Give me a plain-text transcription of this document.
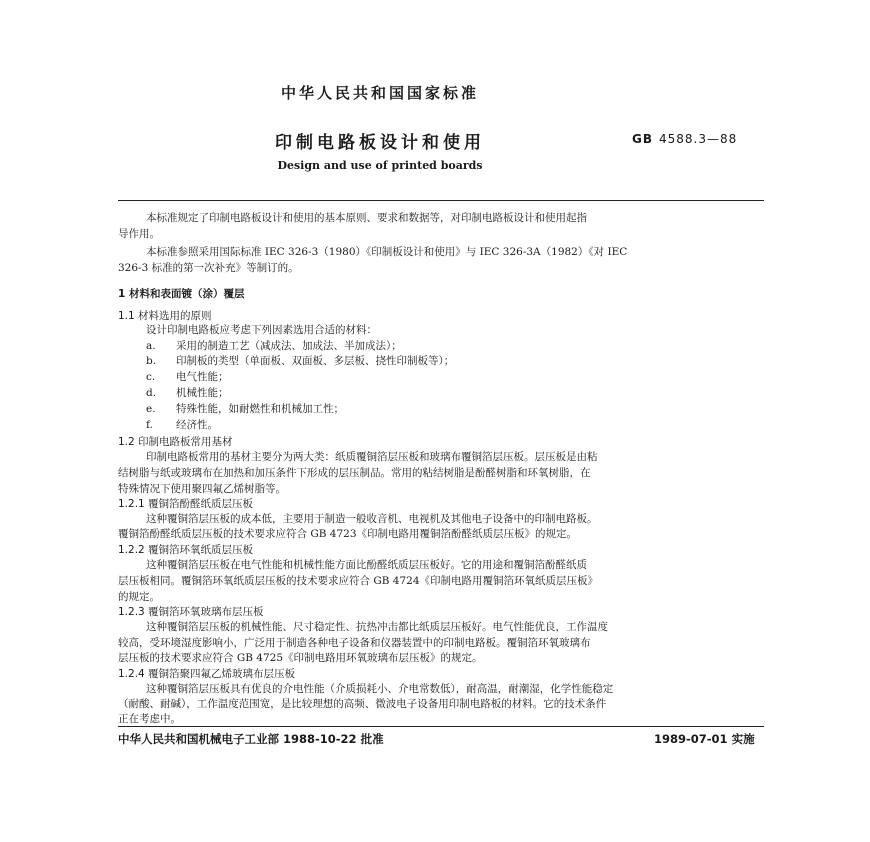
中华人民共和国国家标准
印制电路板设计和使用	GB 4588.3—88
Design and use of printed boards
本标准规定了印制电路板设计和使用的基本原则、要求和数据等，对印制电路板设计和使用起指
导作用。
本标准参照采用国际标准 IEC 326-3（1980）《印制板设计和使用》与 IEC 326-3A（1982）《对 IEC
326-3 标准的第一次补充》等制订的。
1 材料和表面镀（涂）覆层
1.1 材料选用的原则
设计印制电路板应考虑下列因素选用合适的材料：
a. 采用的制造工艺（减成法、加成法、半加成法）；
b. 印制板的类型（单面板、双面板、多层板、挠性印制板等）；
c. 电气性能；
d. 机械性能；
e. 特殊性能，如耐燃性和机械加工性；
f. 经济性。
1.2 印制电路板常用基材
印制电路板常用的基材主要分为两大类：纸质覆铜箔层压板和玻璃布覆铜箔层压板。层压板是由粘
结树脂与纸或玻璃布在加热和加压条件下形成的层压制品。常用的粘结树脂是酚醛树脂和环氧树脂，在
特殊情况下使用聚四氟乙烯树脂等。
1.2.1 覆铜箔酚醛纸质层压板
这种覆铜箔层压板的成本低，主要用于制造一般收音机、电视机及其他电子设备中的印制电路板。
覆铜箔酚醛纸质层压板的技术要求应符合 GB 4723《印制电路用覆铜箔酚醛纸质层压板》的规定。
1.2.2 覆铜箔环氧纸质层压板
这种覆铜箔层压板在电气性能和机械性能方面比酚醛纸质层压板好。它的用途和覆铜箔酚醛纸质
层压板相同。覆铜箔环氧纸质层压板的技术要求应符合 GB 4724《印制电路用覆铜箔环氧纸质层压板》
的规定。
1.2.3 覆铜箔环氧玻璃布层压板
这种覆铜箔层压板的机械性能、尺寸稳定性、抗热冲击都比纸质层压板好。电气性能优良，工作温度
较高，受环境湿度影响小，广泛用于制造各种电子设备和仪器装置中的印制电路板。覆铜箔环氧玻璃布
层压板的技术要求应符合 GB 4725《印制电路用环氧玻璃布层压板》的规定。
1.2.4 覆铜箔聚四氟乙烯玻璃布层压板
这种覆铜箔层压板具有优良的介电性能（介质损耗小、介电常数低），耐高温，耐潮湿，化学性能稳定
（耐酸、耐碱），工作温度范围宽，是比较理想的高频、微波电子设备用印制电路板的材料。它的技术条件
正在考虑中。
中华人民共和国机械电子工业部 1988-10-22 批准	1989-07-01 实施
